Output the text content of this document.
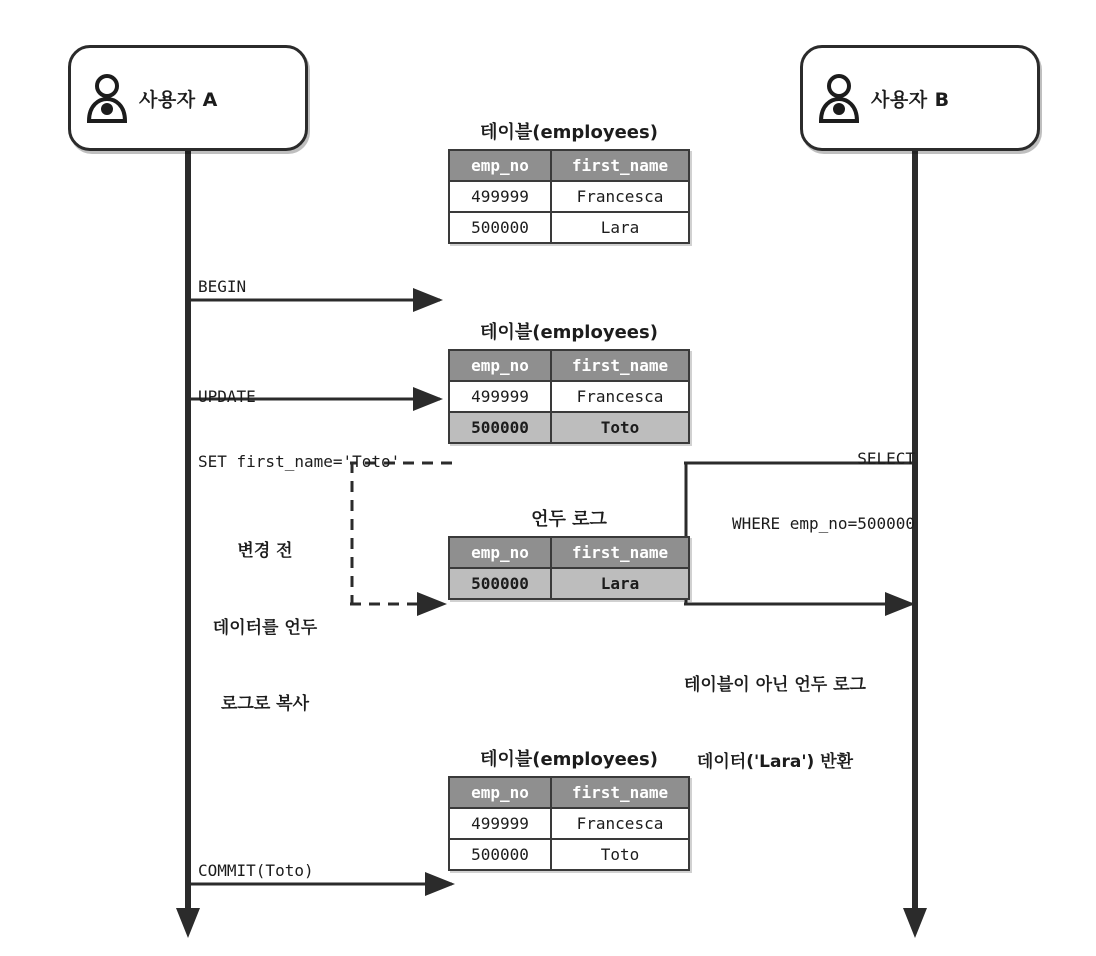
사용자 A	사용자 B
테이블(employees)
emp_no	first_name
499999	Francesca
500000	Lara
테이블(employees)
emp_no	first_name
499999	Francesca
500000	Toto
언두 로그
emp_no	first_name
500000	Lara
테이블(employees)
emp_no	first_name
499999	Francesca
500000	Toto
BEGIN

UPDATE

SET first_name='Toto'

	SELECT

WHERE emp_no=500000

COMMIT(Toto)

변경 전

데이터를 언두

로그로 복사

테이블이 아닌 언두 로그

데이터('Lara') 반환
